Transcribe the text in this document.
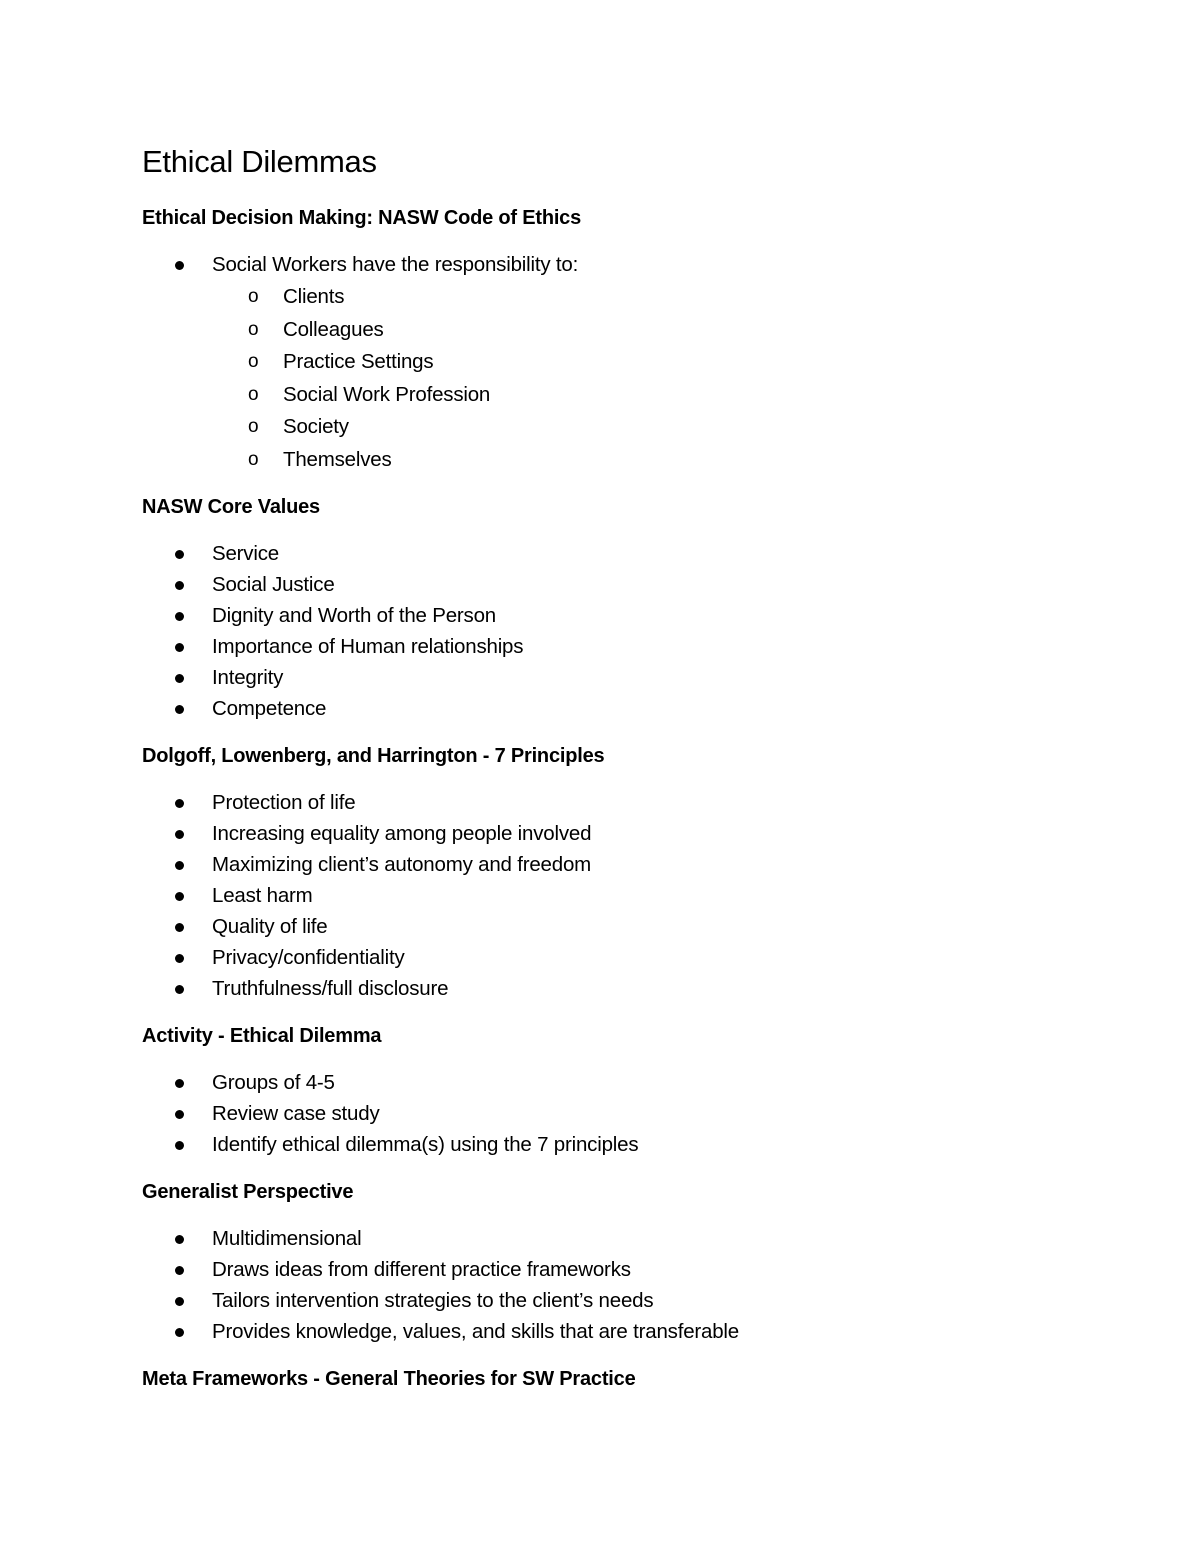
Ethical Dilemmas
Ethical Decision Making: NASW Code of Ethics
Social Workers have the responsibility to:
o Clients
o Colleagues
o Practice Settings
o Social Work Profession
o Society
o Themselves
NASW Core Values
Service
Social Justice
Dignity and Worth of the Person
Importance of Human relationships
Integrity
Competence
Dolgoff, Lowenberg, and Harrington - 7 Principles
Protection of life
Increasing equality among people involved
Maximizing client’s autonomy and freedom
Least harm
Quality of life
Privacy/confidentiality
Truthfulness/full disclosure
Activity - Ethical Dilemma
Groups of 4-5
Review case study
Identify ethical dilemma(s) using the 7 principles
Generalist Perspective
Multidimensional
Draws ideas from different practice frameworks
Tailors intervention strategies to the client’s needs
Provides knowledge, values, and skills that are transferable
Meta Frameworks - General Theories for SW Practice
